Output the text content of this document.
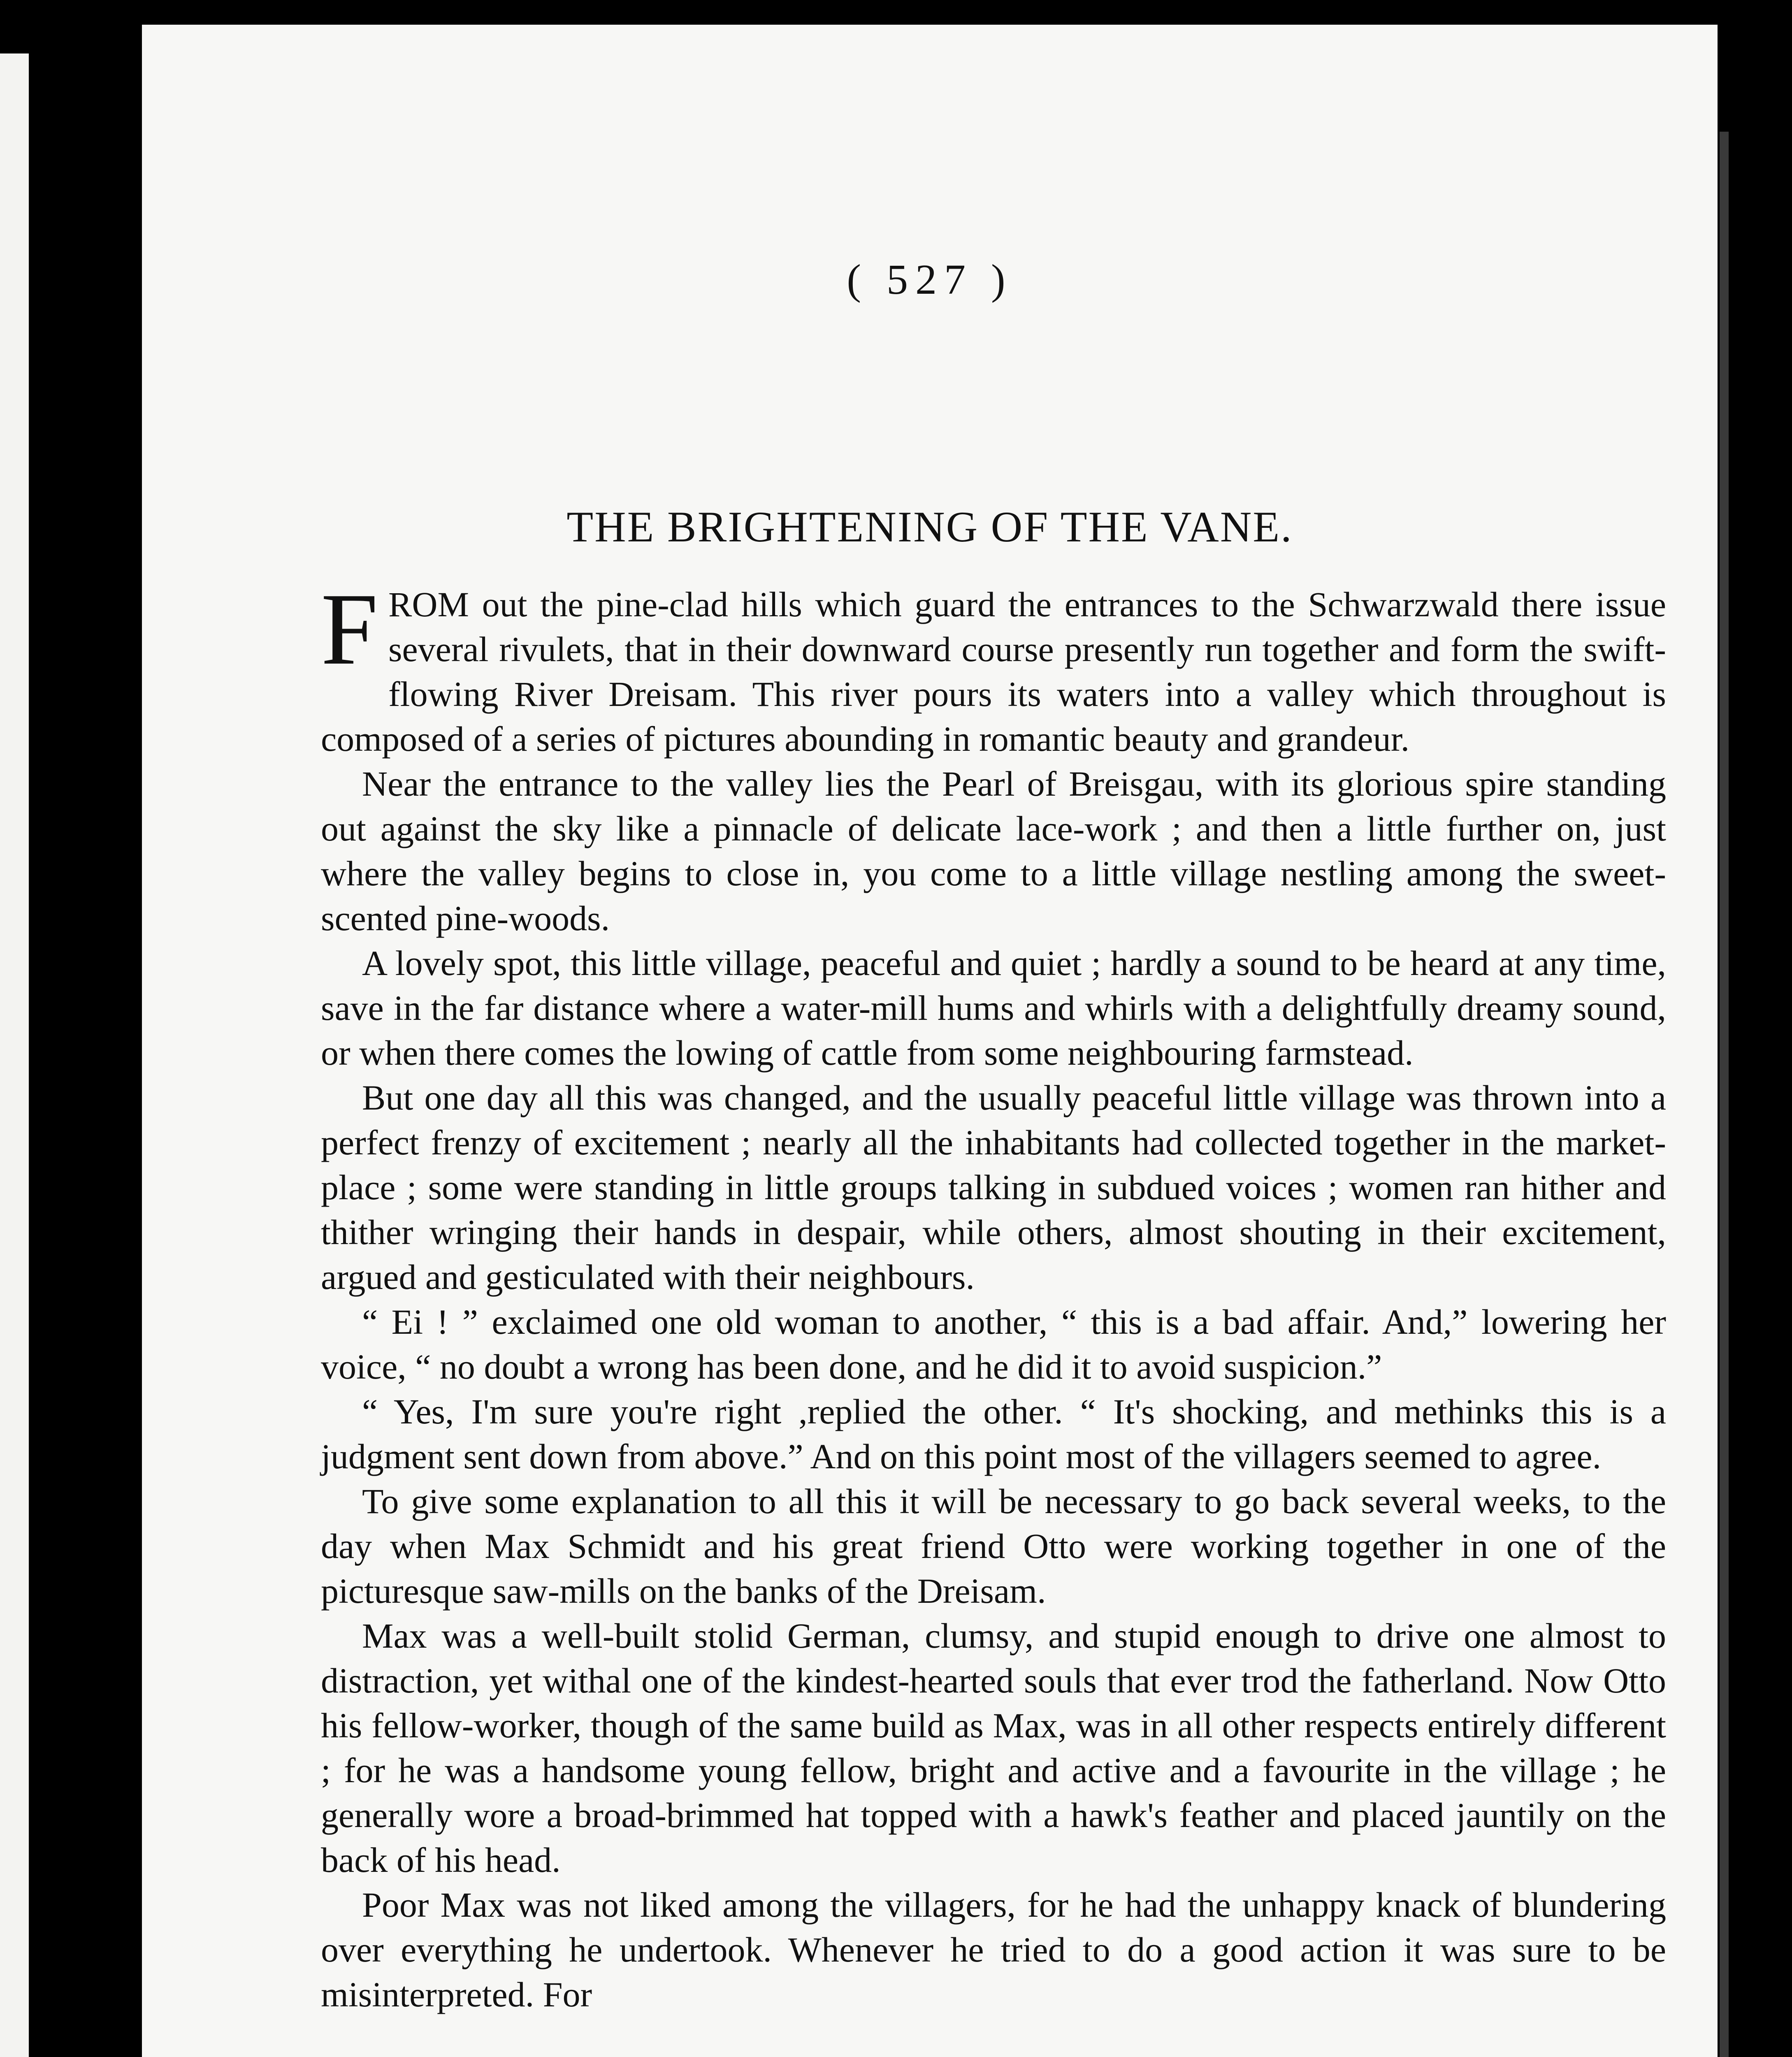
( 527 )
THE BRIGHTENING OF THE VANE.

FROM out the pine-clad hills which guard the entrances to the Schwarzwald there issue several rivulets, that in their downward course presently run together and form the swift-flowing River Dreisam. This river pours its waters into a valley which throughout is composed of a series of pictures abounding in romantic beauty and grandeur.

Near the entrance to the valley lies the Pearl of Breisgau, with its glorious spire standing out against the sky like a pinnacle of delicate lace-work ; and then a little further on, just where the valley begins to close in, you come to a little village nestling among the sweet-scented pine-woods.

A lovely spot, this little village, peaceful and quiet ; hardly a sound to be heard at any time, save in the far distance where a water-mill hums and whirls with a delightfully dreamy sound, or when there comes the lowing of cattle from some neighbouring farmstead.

But one day all this was changed, and the usually peaceful little village was thrown into a perfect frenzy of excitement ; nearly all the inhabitants had collected together in the market-place ; some were standing in little groups talking in subdued voices ; women ran hither and thither wringing their hands in despair, while others, almost shouting in their excitement, argued and gesticulated with their neighbours.

“ Ei ! ” exclaimed one old woman to another, “ this is a bad affair. And,” lowering her voice, “ no doubt a wrong has been done, and he did it to avoid suspicion.”

“ Yes, I'm sure you're right ,replied the other. “ It's shocking, and methinks this is a judgment sent down from above.” And on this point most of the villagers seemed to agree.

To give some explanation to all this it will be necessary to go back several weeks, to the day when Max Schmidt and his great friend Otto were working together in one of the picturesque saw-mills on the banks of the Dreisam.

Max was a well-built stolid German, clumsy, and stupid enough to drive one almost to distraction, yet withal one of the kindest-hearted souls that ever trod the fatherland. Now Otto his fellow-worker, though of the same build as Max, was in all other respects entirely different ; for he was a handsome young fellow, bright and active and a favourite in the village ; he generally wore a broad-brimmed hat topped with a hawk's feather and placed jauntily on the back of his head.

Poor Max was not liked among the villagers, for he had the unhappy knack of blundering over everything he undertook. Whenever he tried to do a good action it was sure to be misinterpreted. For
